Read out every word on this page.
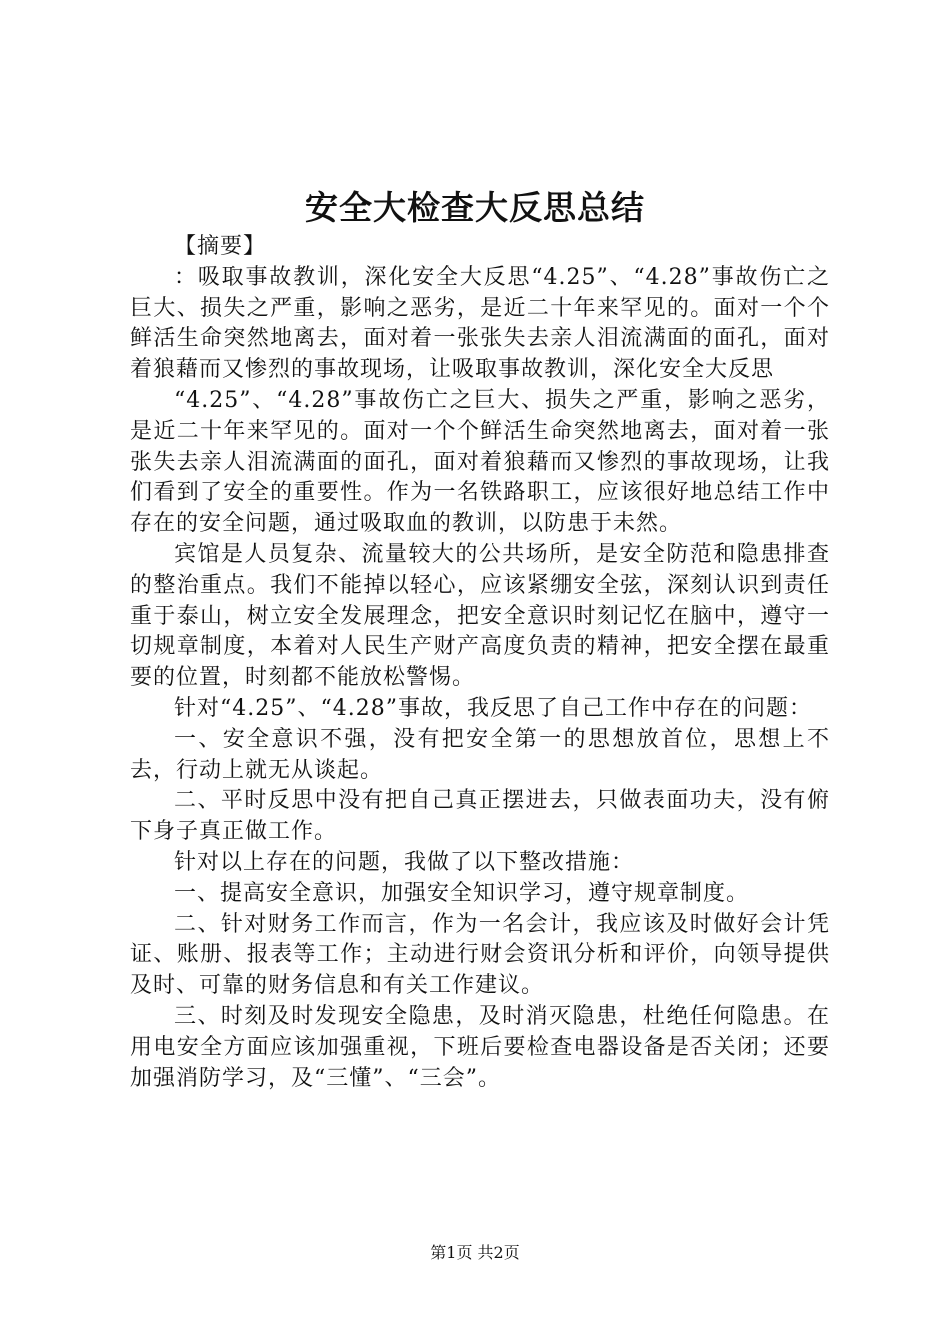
安全大检查大反思总结

【摘要】

：吸取事故教训，深化安全大反思“4.25”、“4.28”事故伤亡之巨大、损失之严重，影响之恶劣，是近二十年来罕见的。面对一个个鲜活生命突然地离去，面对着一张张失去亲人泪流满面的面孔，面对着狼藉而又惨烈的事故现场，让吸取事故教训，深化安全大反思

“4.25”、“4.28”事故伤亡之巨大、损失之严重，影响之恶劣，是近二十年来罕见的。面对一个个鲜活生命突然地离去，面对着一张张失去亲人泪流满面的面孔，面对着狼藉而又惨烈的事故现场，让我们看到了安全的重要性。作为一名铁路职工，应该很好地总结工作中存在的安全问题，通过吸取血的教训，以防患于未然。

宾馆是人员复杂、流量较大的公共场所，是安全防范和隐患排查的整治重点。我们不能掉以轻心，应该紧绷安全弦，深刻认识到责任重于泰山，树立安全发展理念，把安全意识时刻记忆在脑中，遵守一切规章制度，本着对人民生产财产高度负责的精神，把安全摆在最重要的位置，时刻都不能放松警惕。

针对“4.25”、“4.28”事故，我反思了自己工作中存在的问题：

一、安全意识不强，没有把安全第一的思想放首位，思想上不去，行动上就无从谈起。

二、平时反思中没有把自己真正摆进去，只做表面功夫，没有俯下身子真正做工作。

针对以上存在的问题，我做了以下整改措施：

一、提高安全意识，加强安全知识学习，遵守规章制度。

二、针对财务工作而言，作为一名会计，我应该及时做好会计凭证、账册、报表等工作；主动进行财会资讯分析和评价，向领导提供及时、可靠的财务信息和有关工作建议。

三、时刻及时发现安全隐患，及时消灭隐患，杜绝任何隐患。在用电安全方面应该加强重视，下班后要检查电器设备是否关闭；还要加强消防学习，及“三懂”、“三会”。

第1页 共2页
